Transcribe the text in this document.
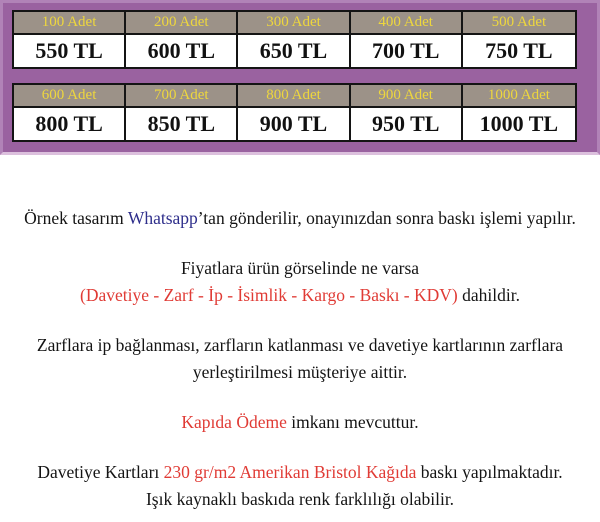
100 Adet	200 Adet	300 Adet	400 Adet	500 Adet
550 TL	600 TL	650 TL	700 TL	750 TL
600 Adet	700 Adet	800 Adet	900 Adet	1000 Adet
800 TL	850 TL	900 TL	950 TL	1000 TL
Örnek tasarım Whatsapp’tan gönderilir, onayınızdan sonra baskı işlemi yapılır.
Fiyatlara ürün görselinde ne varsa
(Davetiye - Zarf - İp - İsimlik - Kargo - Baskı - KDV) dahildir.
Zarflara ip bağlanması, zarfların katlanması ve davetiye kartlarının zarflara
yerleştirilmesi müşteriye aittir.
Kapıda Ödeme imkanı mevcuttur.
Davetiye Kartları 230 gr/m2 Amerikan Bristol Kağıda baskı yapılmaktadır.
Işık kaynaklı baskıda renk farklılığı olabilir.
